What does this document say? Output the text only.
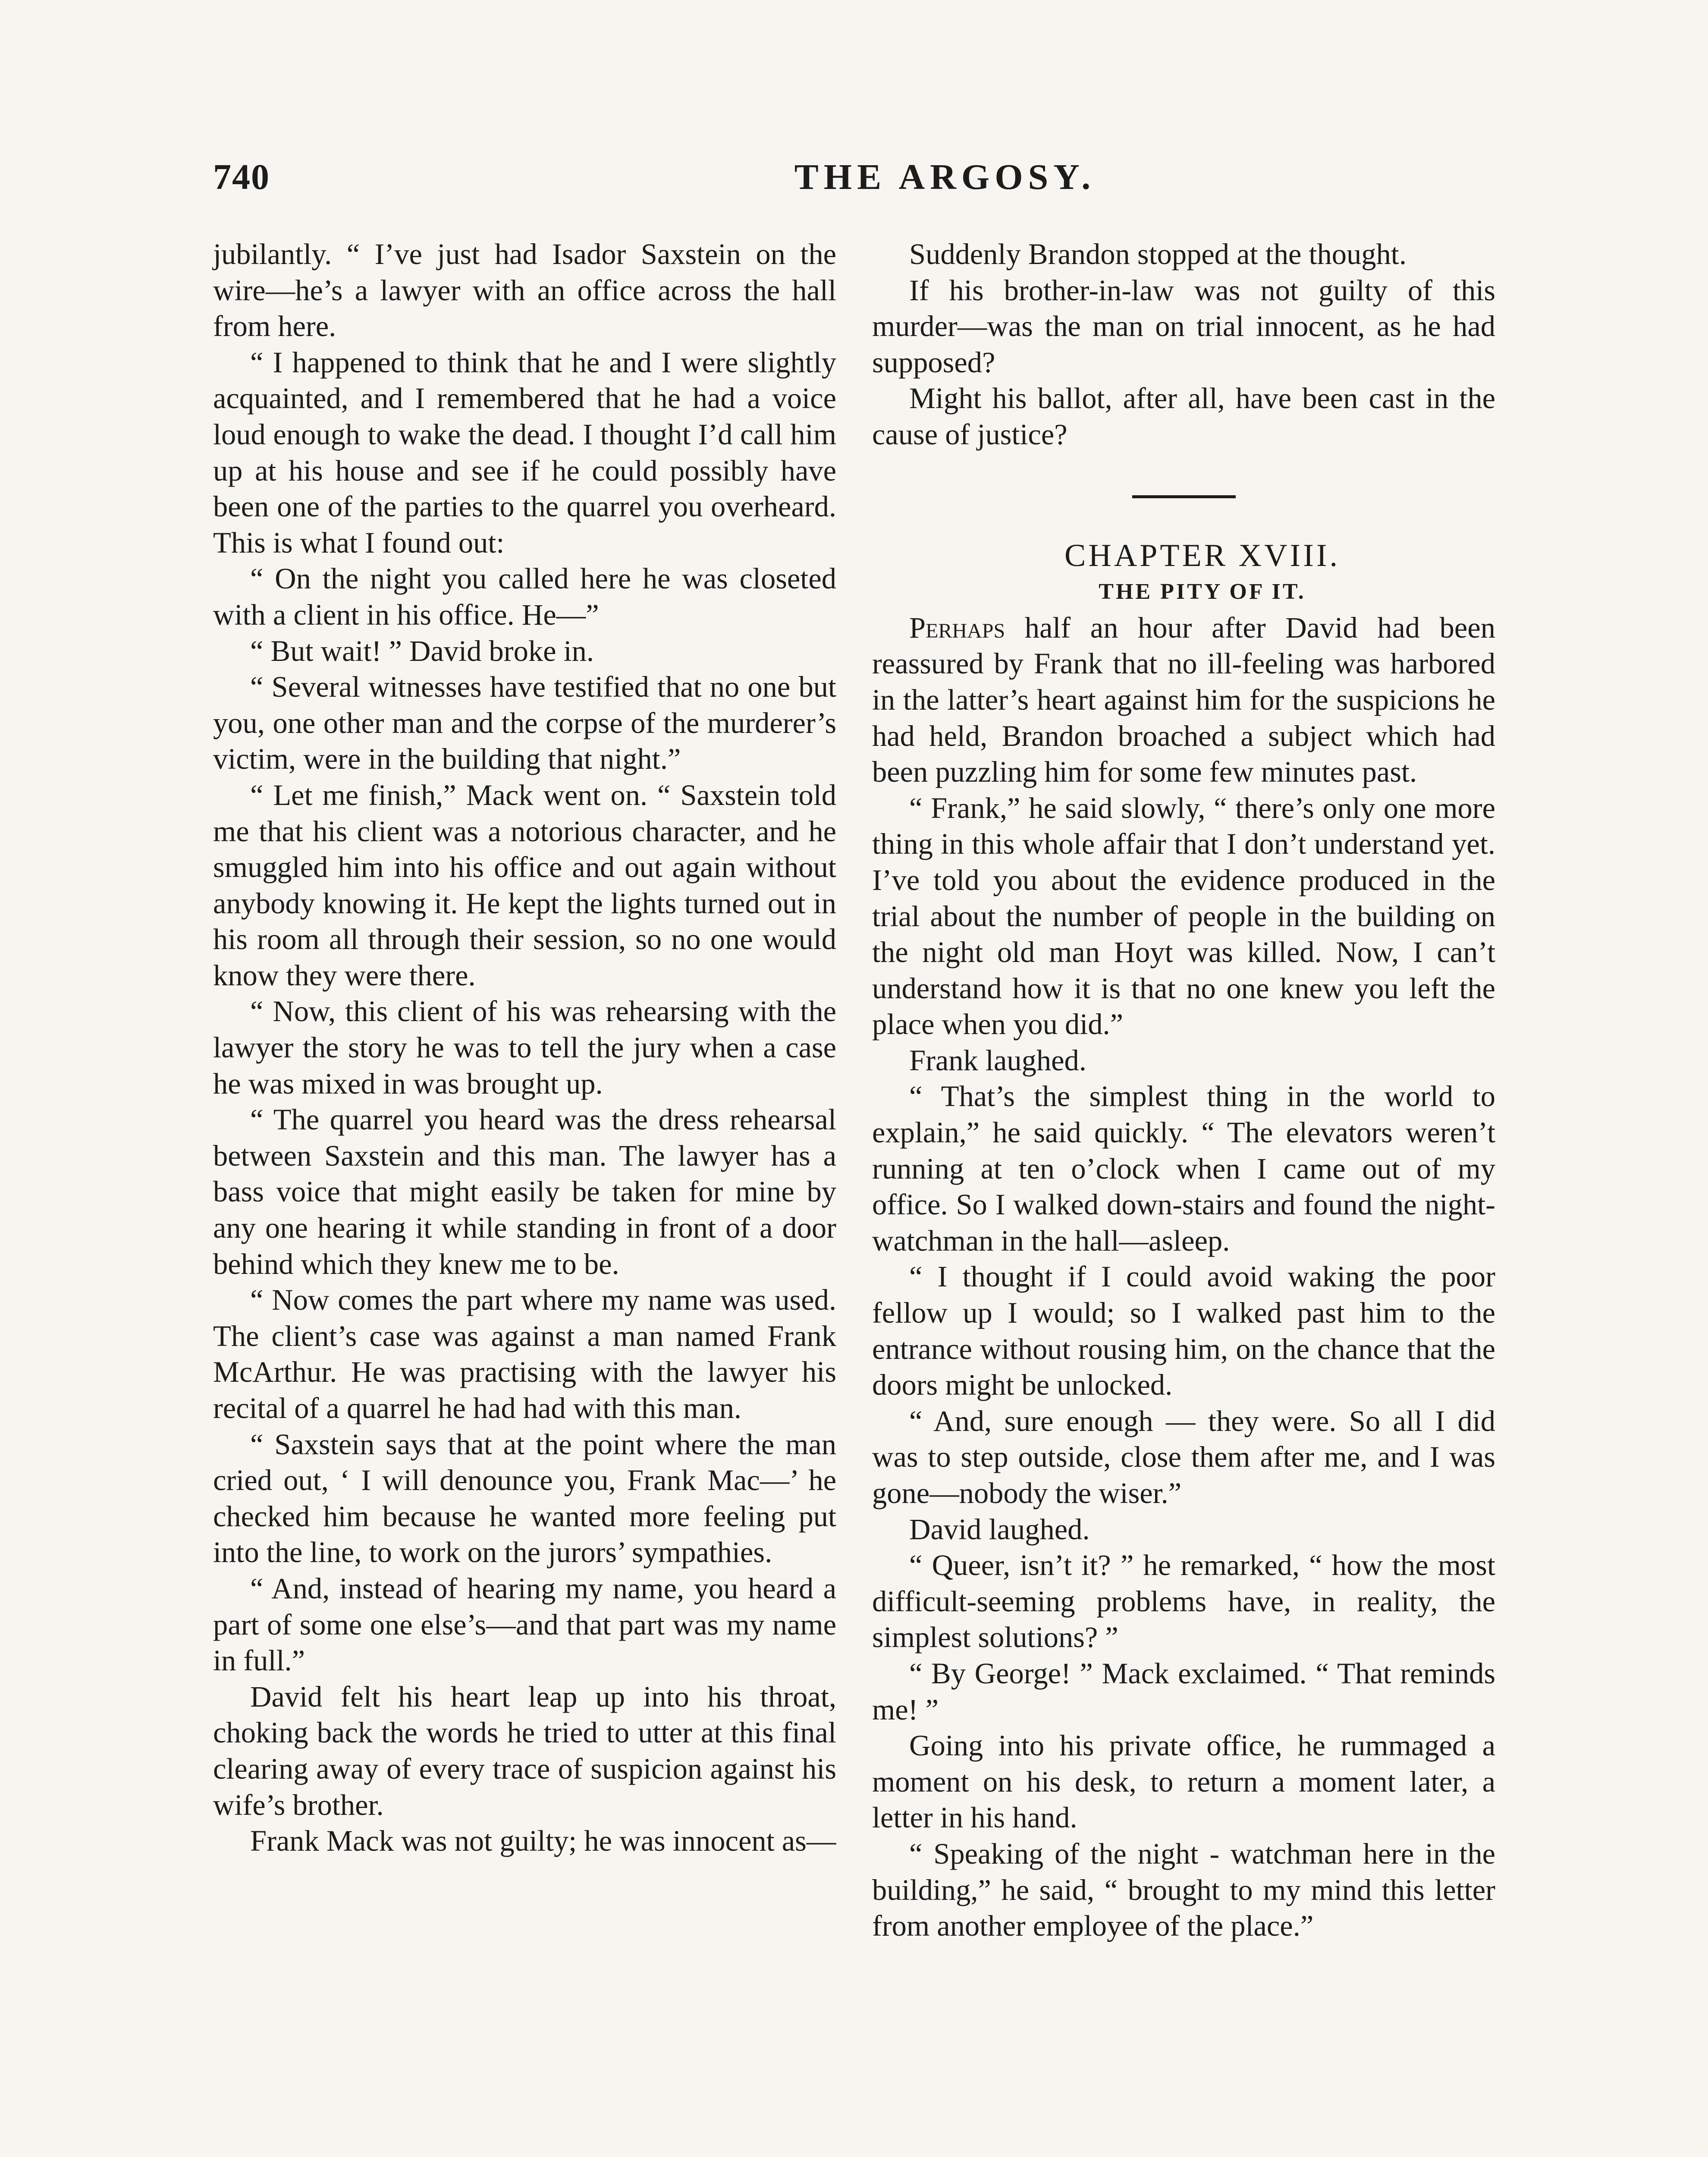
740	THE ARGOSY.

jubilantly. “ I’ve just had Isador Saxstein on the wire—he’s a lawyer with an office across the hall from here.

“ I happened to think that he and I were slightly acquainted, and I remembered that he had a voice loud enough to wake the dead. I thought I’d call him up at his house and see if he could possibly have been one of the parties to the quarrel you overheard. This is what I found out:

“ On the night you called here he was closeted with a client in his office. He—”

“ But wait! ” David broke in.

“ Several witnesses have testified that no one but you, one other man and the corpse of the murderer’s victim, were in the building that night.”

“ Let me finish,” Mack went on. “ Saxstein told me that his client was a notorious character, and he smuggled him into his office and out again without anybody knowing it. He kept the lights turned out in his room all through their session, so no one would know they were there.

“ Now, this client of his was rehearsing with the lawyer the story he was to tell the jury when a case he was mixed in was brought up.

“ The quarrel you heard was the dress rehearsal between Saxstein and this man. The lawyer has a bass voice that might easily be taken for mine by any one hearing it while standing in front of a door behind which they knew me to be.

“ Now comes the part where my name was used. The client’s case was against a man named Frank McArthur. He was practising with the lawyer his recital of a quarrel he had had with this man.

“ Saxstein says that at the point where the man cried out, ‘ I will denounce you, Frank Mac—’ he checked him because he wanted more feeling put into the line, to work on the jurors’ sympathies.

“ And, instead of hearing my name, you heard a part of some one else’s—and that part was my name in full.”

David felt his heart leap up into his throat, choking back the words he tried to utter at this final clearing away of every trace of suspicion against his wife’s brother.

Frank Mack was not guilty; he was innocent as—

Suddenly Brandon stopped at the thought.

If his brother-in-law was not guilty of this murder—was the man on trial innocent, as he had supposed?

Might his ballot, after all, have been cast in the cause of justice?

CHAPTER XVIII.

THE PITY OF IT.

Perhaps half an hour after David had been reassured by Frank that no ill-feeling was harbored in the latter’s heart against him for the suspicions he had held, Brandon broached a subject which had been puzzling him for some few minutes past.

“ Frank,” he said slowly, “ there’s only one more thing in this whole affair that I don’t understand yet. I’ve told you about the evidence produced in the trial about the number of people in the building on the night old man Hoyt was killed. Now, I can’t understand how it is that no one knew you left the place when you did.”

Frank laughed.

“ That’s the simplest thing in the world to explain,” he said quickly. “ The elevators weren’t running at ten o’clock when I came out of my office. So I walked down-stairs and found the night-watchman in the hall—asleep.

“ I thought if I could avoid waking the poor fellow up I would; so I walked past him to the entrance without rousing him, on the chance that the doors might be unlocked.

“ And, sure enough — they were. So all I did was to step outside, close them after me, and I was gone—nobody the wiser.”

David laughed.

“ Queer, isn’t it? ” he remarked, “ how the most difficult-seeming problems have, in reality, the simplest solutions? ”

“ By George! ” Mack exclaimed. “ That reminds me! ”

Going into his private office, he rummaged a moment on his desk, to return a moment later, a letter in his hand.

“ Speaking of the night - watchman here in the building,” he said, “ brought to my mind this letter from another employee of the place.”
